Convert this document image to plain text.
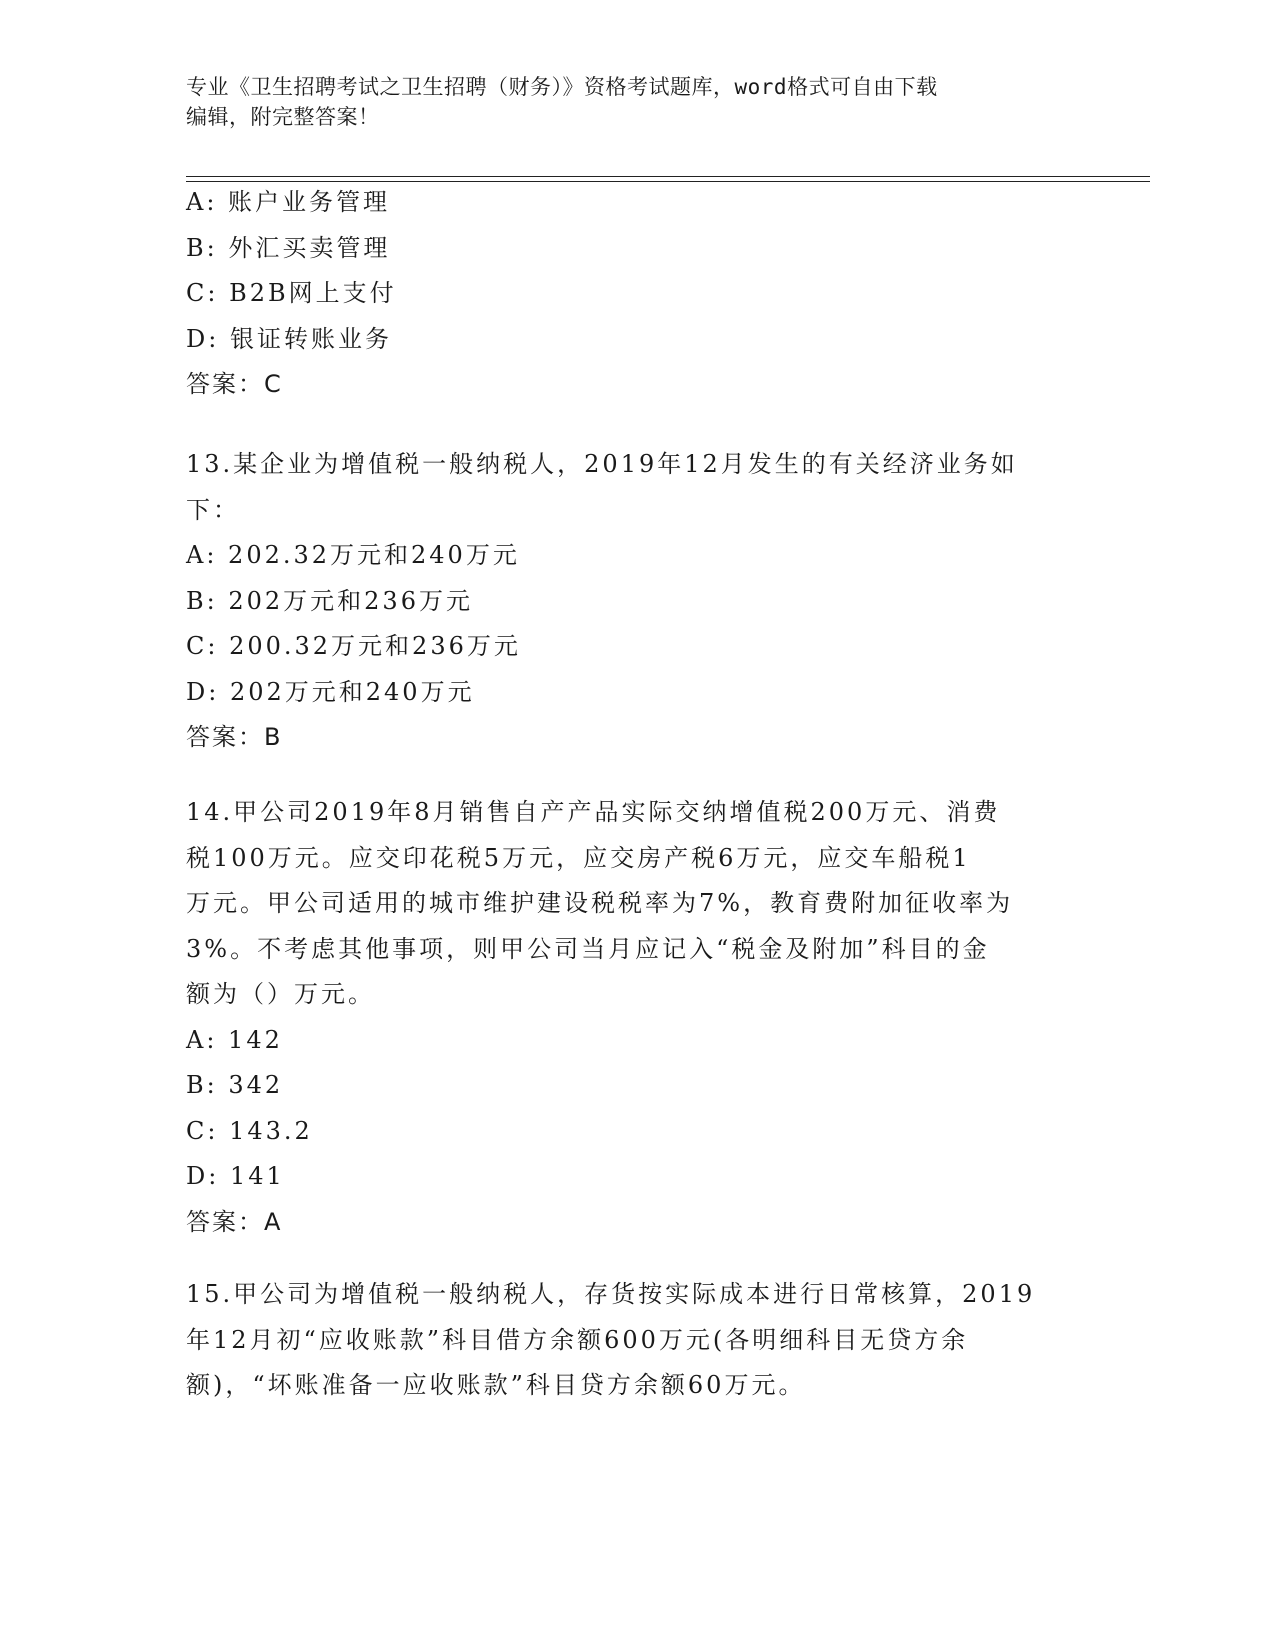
专业《卫生招聘考试之卫生招聘（财务）》资格考试题库，word格式可自由下载
编辑，附完整答案！
A: 账户业务管理
B: 外汇买卖管理
C: B2B网上支付
D: 银证转账业务
答案：C
13.某企业为增值税一般纳税人，2019年12月发生的有关经济业务如
下：
A: 202.32万元和240万元
B: 202万元和236万元
C: 200.32万元和236万元
D: 202万元和240万元
答案：B
14.甲公司2019年8月销售自产产品实际交纳增值税200万元、消费
税100万元。应交印花税5万元，应交房产税6万元，应交车船税1
万元。甲公司适用的城市维护建设税税率为7%，教育费附加征收率为
3%。不考虑其他事项，则甲公司当月应记入“税金及附加”科目的金
额为（）万元。
A: 142
B: 342
C: 143.2
D: 141
答案：A
15.甲公司为增值税一般纳税人，存货按实际成本进行日常核算，2019
年12月初“应收账款”科目借方余额600万元(各明细科目无贷方余
额)，“坏账准备一应收账款”科目贷方余额60万元。
